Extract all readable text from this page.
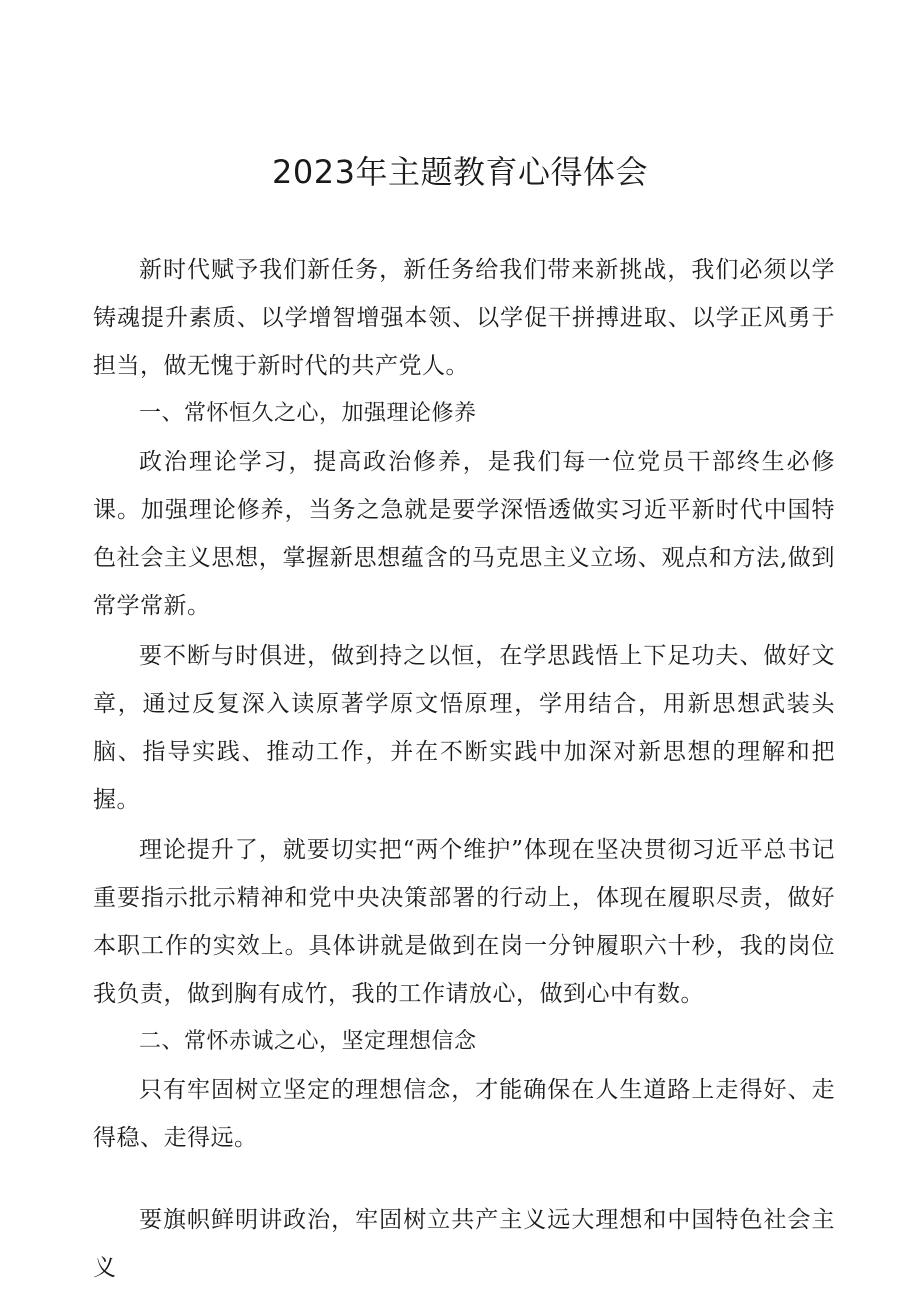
2023年主题教育心得体会

新时代赋予我们新任务，新任务给我们带来新挑战，我们必须以学铸魂提升素质、以学增智增强本领、以学促干拼搏进取、以学正风勇于担当，做无愧于新时代的共产党人。

一、常怀恒久之心，加强理论修养

政治理论学习，提高政治修养，是我们每一位党员干部终生必修课。加强理论修养，当务之急就是要学深悟透做实习近平新时代中国特色社会主义思想，掌握新思想蕴含的马克思主义立场、观点和方法,做到常学常新。

要不断与时俱进，做到持之以恒，在学思践悟上下足功夫、做好文章，通过反复深入读原著学原文悟原理，学用结合，用新思想武装头脑、指导实践、推动工作，并在不断实践中加深对新思想的理解和把握。

理论提升了，就要切实把“两个维护”体现在坚决贯彻习近平总书记重要指示批示精神和党中央决策部署的行动上，体现在履职尽责，做好本职工作的实效上。具体讲就是做到在岗一分钟履职六十秒，我的岗位我负责，做到胸有成竹，我的工作请放心，做到心中有数。

二、常怀赤诚之心，坚定理想信念

只有牢固树立坚定的理想信念，才能确保在人生道路上走得好、走得稳、走得远。

要旗帜鲜明讲政治，牢固树立共产主义远大理想和中国特色社会主义
